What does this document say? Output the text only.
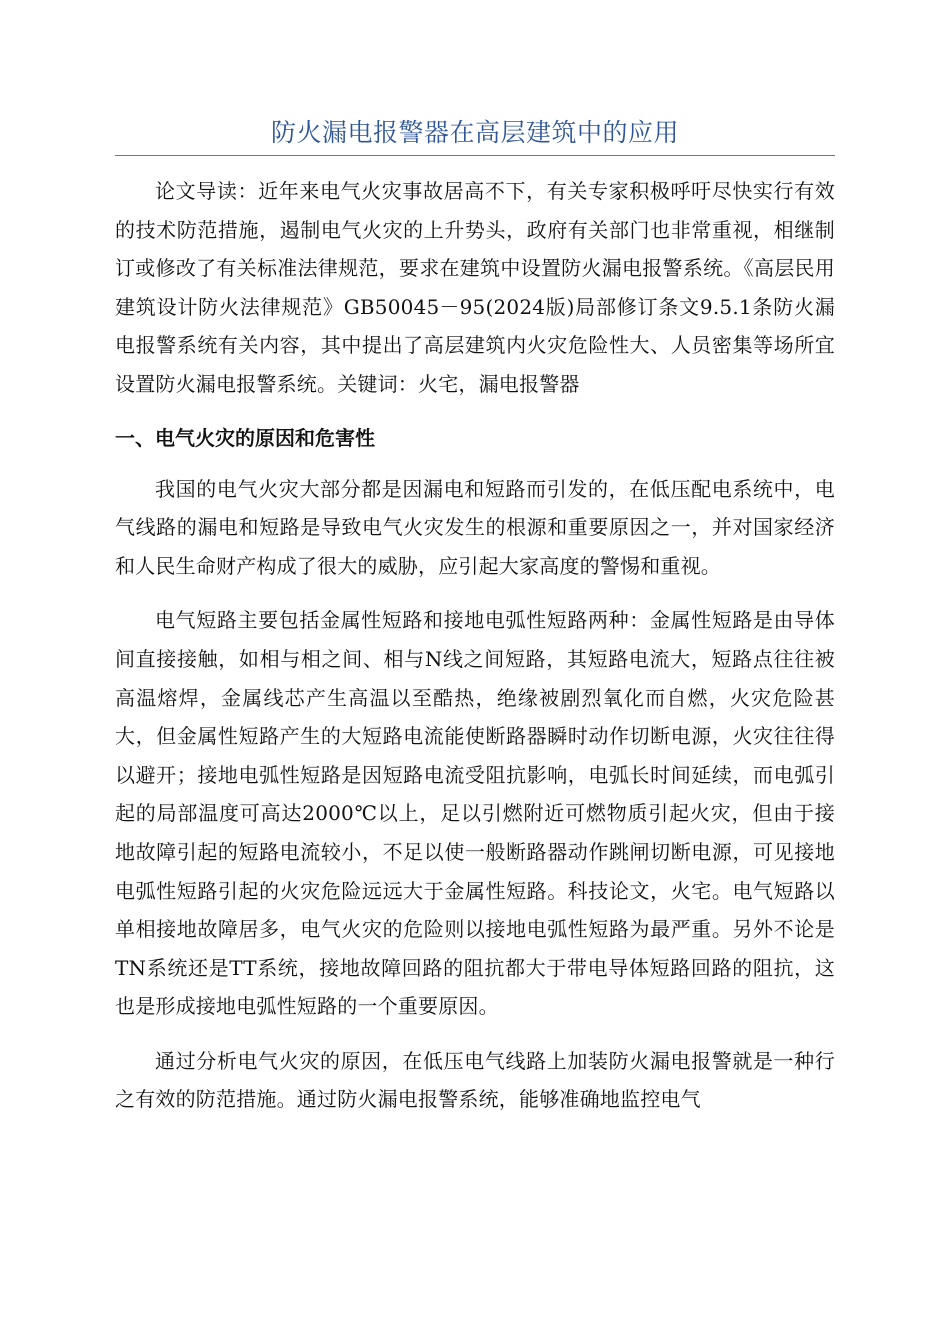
防火漏电报警器在高层建筑中的应用

论文导读：近年来电气火灾事故居高不下，有关专家积极呼吁尽快实行有效的技术防范措施，遏制电气火灾的上升势头，政府有关部门也非常重视，相继制订或修改了有关标准法律规范，要求在建筑中设置防火漏电报警系统。《高层民用建筑设计防火法律规范》GB50045－95(2024版)局部修订条文9.5.1条防火漏电报警系统有关内容，其中提出了高层建筑内火灾危险性大、人员密集等场所宜设置防火漏电报警系统。关键词：火宅，漏电报警器

一、电气火灾的原因和危害性

我国的电气火灾大部分都是因漏电和短路而引发的，在低压配电系统中，电气线路的漏电和短路是导致电气火灾发生的根源和重要原因之一，并对国家经济和人民生命财产构成了很大的威胁，应引起大家高度的警惕和重视。

电气短路主要包括金属性短路和接地电弧性短路两种：金属性短路是由导体间直接接触，如相与相之间、相与N线之间短路，其短路电流大，短路点往往被高温熔焊，金属线芯产生高温以至酷热，绝缘被剧烈氧化而自燃，火灾危险甚大，但金属性短路产生的大短路电流能使断路器瞬时动作切断电源，火灾往往得以避开；接地电弧性短路是因短路电流受阻抗影响，电弧长时间延续，而电弧引起的局部温度可高达2000℃以上，足以引燃附近可燃物质引起火灾，但由于接地故障引起的短路电流较小，不足以使一般断路器动作跳闸切断电源，可见接地电弧性短路引起的火灾危险远远大于金属性短路。科技论文，火宅。电气短路以单相接地故障居多，电气火灾的危险则以接地电弧性短路为最严重。另外不论是TN系统还是TT系统，接地故障回路的阻抗都大于带电导体短路回路的阻抗，这也是形成接地电弧性短路的一个重要原因。

通过分析电气火灾的原因，在低压电气线路上加装防火漏电报警就是一种行之有效的防范措施。通过防火漏电报警系统，能够准确地监控电气
